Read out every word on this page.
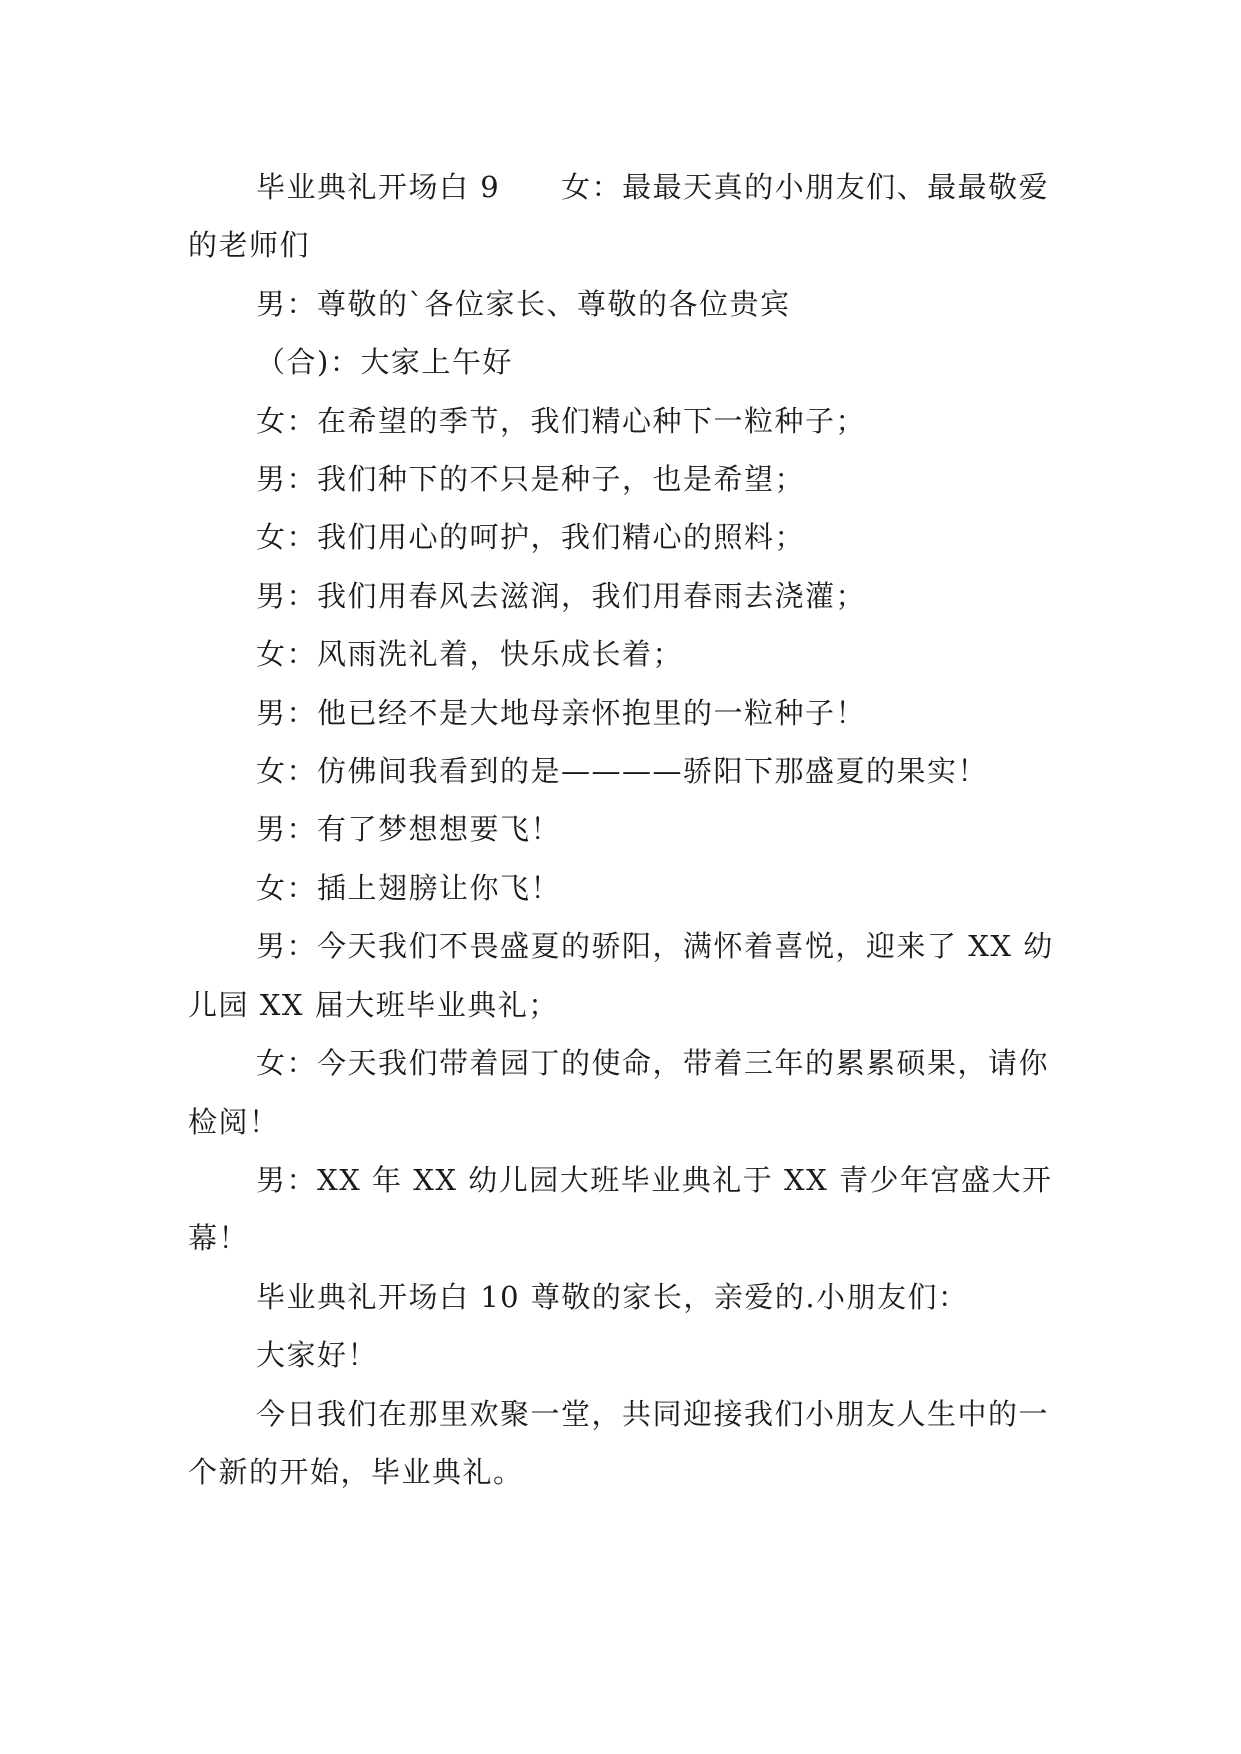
毕业典礼开场白 9　　女：最最天真的小朋友们、最最敬爱的老师们

男：尊敬的`各位家长、尊敬的各位贵宾

（合)：大家上午好

女：在希望的季节，我们精心种下一粒种子；

男：我们种下的不只是种子，也是希望；

女：我们用心的呵护，我们精心的照料；

男：我们用春风去滋润，我们用春雨去浇灌；

女：风雨洗礼着，快乐成长着；

男：他已经不是大地母亲怀抱里的一粒种子！

女：仿佛间我看到的是————骄阳下那盛夏的果实！

男：有了梦想想要飞！

女：插上翅膀让你飞！

男：今天我们不畏盛夏的骄阳，满怀着喜悦，迎来了 XX 幼儿园 XX 届大班毕业典礼；

女：今天我们带着园丁的使命，带着三年的累累硕果，请你检阅！

男：XX 年 XX 幼儿园大班毕业典礼于 XX 青少年宫盛大开幕！

毕业典礼开场白 10 尊敬的家长，亲爱的.小朋友们：

大家好！

今日我们在那里欢聚一堂，共同迎接我们小朋友人生中的一个新的开始，毕业典礼。
